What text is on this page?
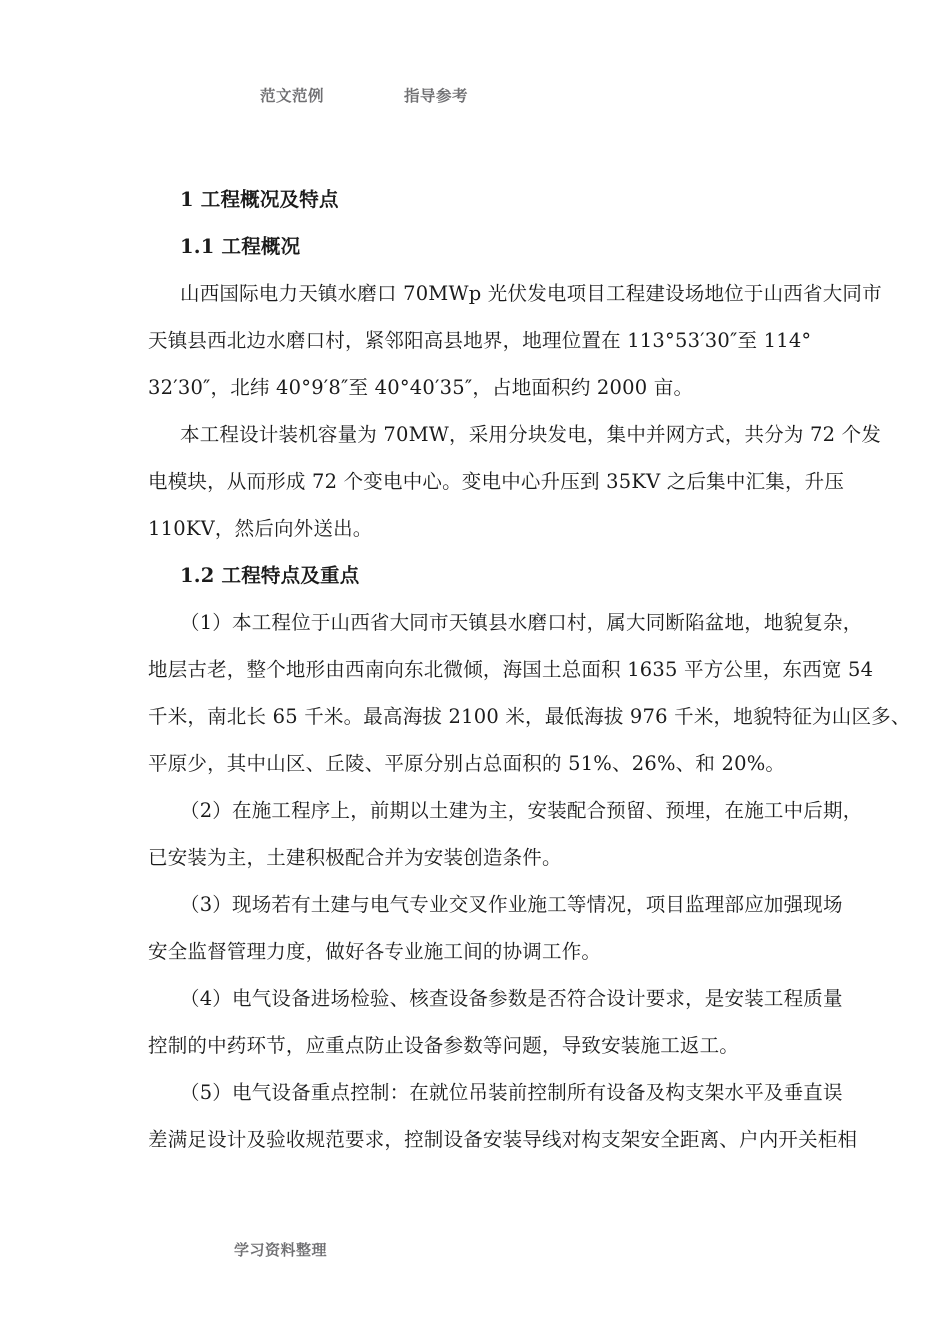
范文范例	指导参考

1 工程概况及特点

1.1 工程概况

山西国际电力天镇水磨口 70MWp 光伏发电项目工程建设场地位于山西省大同市
天镇县西北边水磨口村，紧邻阳高县地界，地理位置在 113°53′30″至 114°
32′30″，北纬 40°9′8″至 40°40′35″，占地面积约 2000 亩。
本工程设计装机容量为 70MW，采用分块发电，集中并网方式，共分为 72 个发
电模块，从而形成 72 个变电中心。变电中心升压到 35KV 之后集中汇集，升压
110KV，然后向外送出。

1.2 工程特点及重点

（1）本工程位于山西省大同市天镇县水磨口村，属大同断陷盆地，地貌复杂，
地层古老，整个地形由西南向东北微倾，海国土总面积 1635 平方公里，东西宽 54
千米，南北长 65 千米。最高海拔 2100 米，最低海拔 976 千米，地貌特征为山区多、
平原少，其中山区、丘陵、平原分别占总面积的 51%、26%、和 20%。
（2）在施工程序上，前期以土建为主，安装配合预留、预埋，在施工中后期，
已安装为主，土建积极配合并为安装创造条件。
（3）现场若有土建与电气专业交叉作业施工等情况，项目监理部应加强现场
安全监督管理力度，做好各专业施工间的协调工作。
（4）电气设备进场检验、核查设备参数是否符合设计要求，是安装工程质量
控制的中药环节，应重点防止设备参数等问题，导致安装施工返工。
（5）电气设备重点控制：在就位吊装前控制所有设备及构支架水平及垂直误
差满足设计及验收规范要求，控制设备安装导线对构支架安全距离、户内开关柜相
学习资料整理
